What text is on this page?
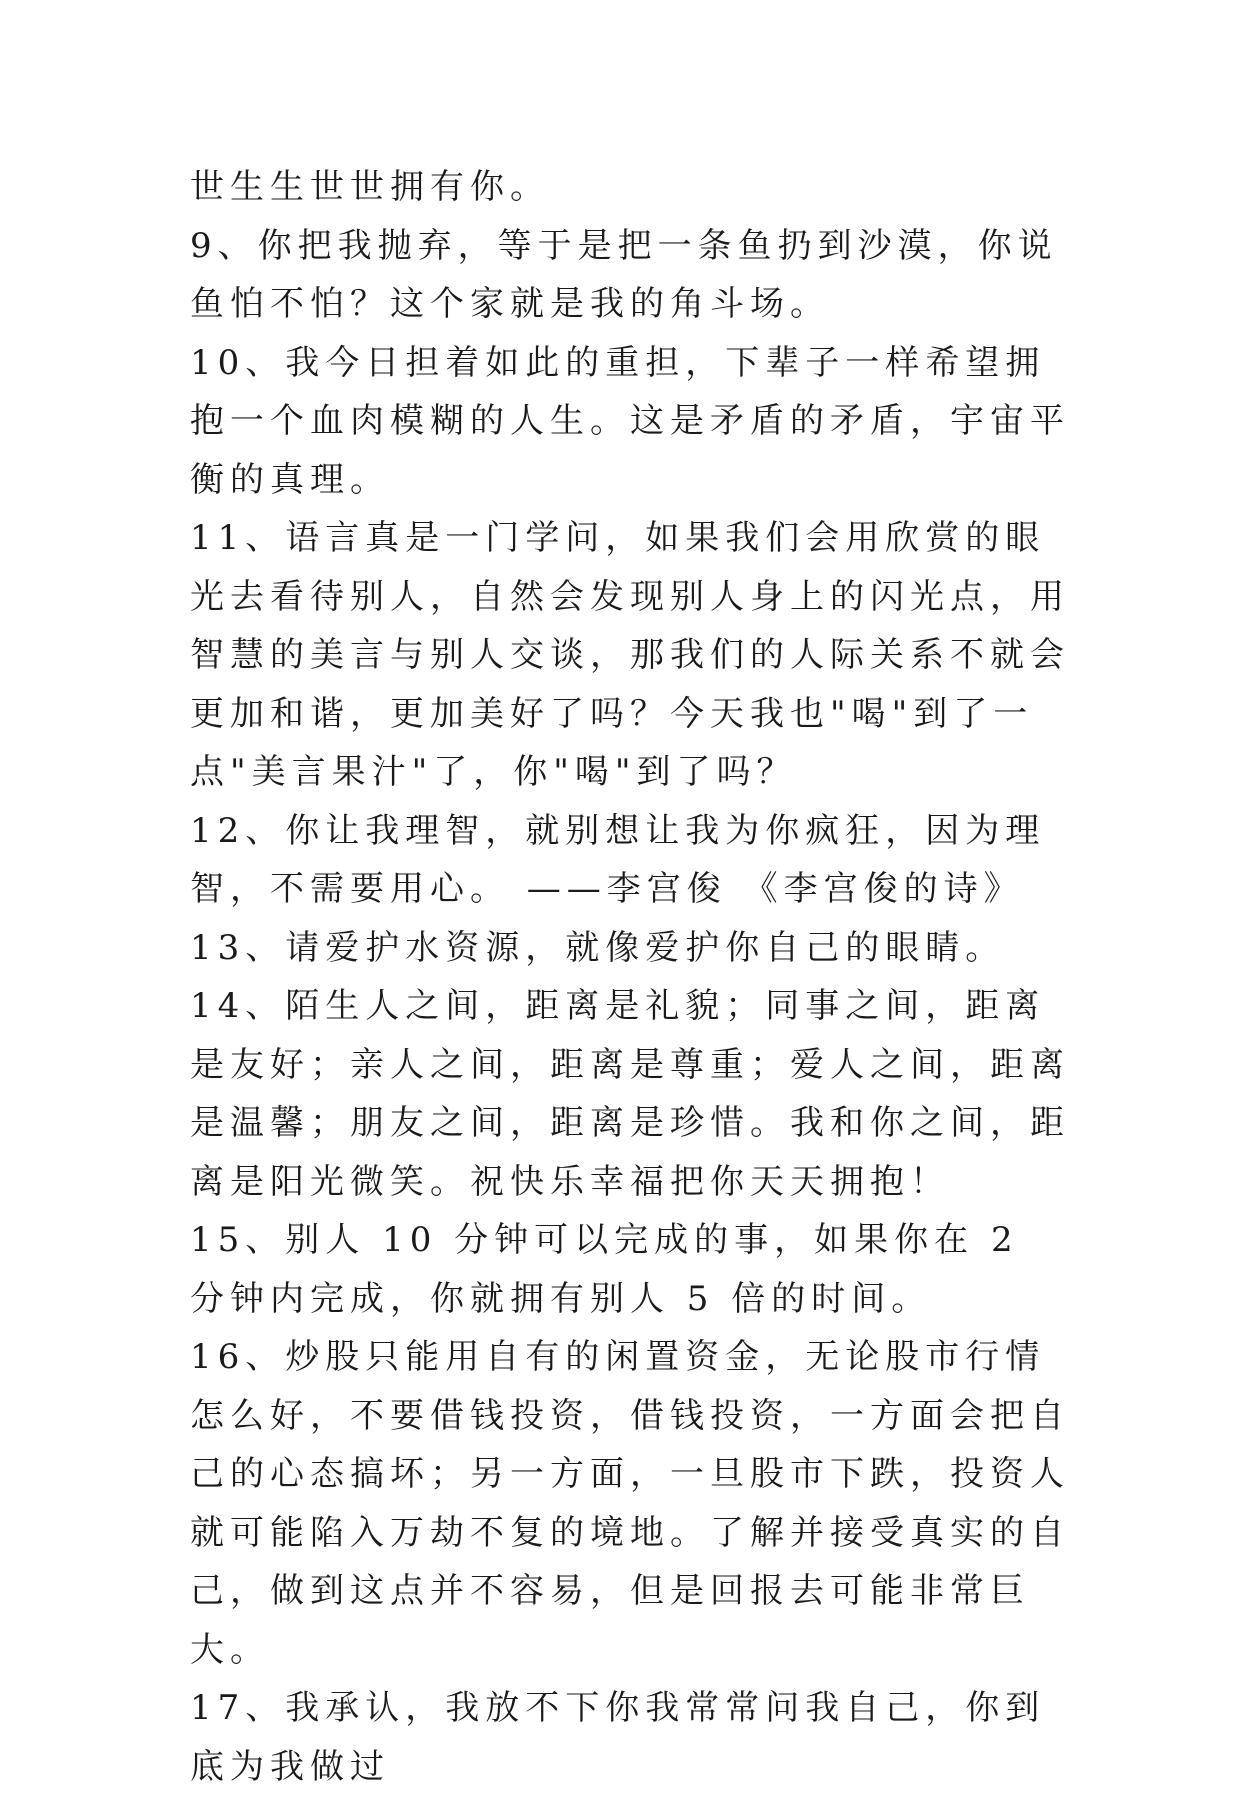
世生生世世拥有你。

9、你把我抛弃，等于是把一条鱼扔到沙漠，你说鱼怕不怕？这个家就是我的角斗场。

10、我今日担着如此的重担，下辈子一样希望拥抱一个血肉模糊的人生。这是矛盾的矛盾，宇宙平衡的真理。

11、语言真是一门学问，如果我们会用欣赏的眼光去看待别人，自然会发现别人身上的闪光点，用智慧的美言与别人交谈，那我们的人际关系不就会更加和谐，更加美好了吗？今天我也"喝"到了一点"美言果汁"了，你"喝"到了吗？

12、你让我理智，就别想让我为你疯狂，因为理智，不需要用心。 ——李宫俊 《李宫俊的诗》

13、请爱护水资源，就像爱护你自己的眼睛。

14、陌生人之间，距离是礼貌；同事之间，距离是友好；亲人之间，距离是尊重；爱人之间，距离是温馨；朋友之间，距离是珍惜。我和你之间，距离是阳光微笑。祝快乐幸福把你天天拥抱！

15、别人 10 分钟可以完成的事，如果你在 2 分钟内完成，你就拥有别人 5 倍的时间。

16、炒股只能用自有的闲置资金，无论股市行情怎么好，不要借钱投资，借钱投资，一方面会把自己的心态搞坏；另一方面，一旦股市下跌，投资人就可能陷入万劫不复的境地。了解并接受真实的自己，做到这点并不容易，但是回报去可能非常巨大。

17、我承认，我放不下你我常常问我自己，你到底为我做过
